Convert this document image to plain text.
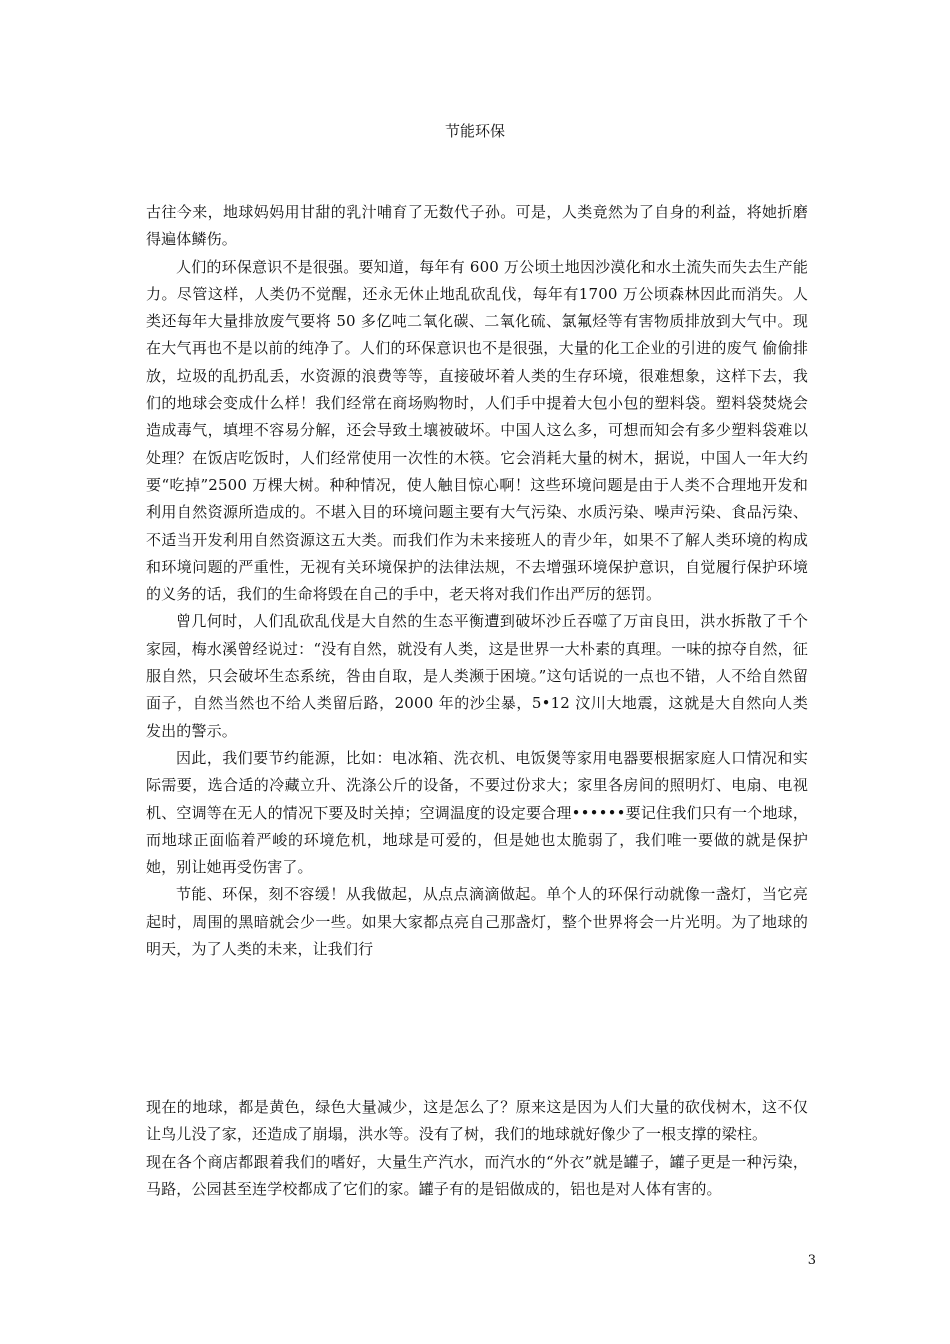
节能环保

古往今来，地球妈妈用甘甜的乳汁哺育了无数代子孙。可是，人类竟然为了自身的利益，将她折磨得遍体鳞伤。

人们的环保意识不是很强。要知道，每年有 600 万公顷土地因沙漠化和水土流失而失去生产能力。尽管这样，人类仍不觉醒，还永无休止地乱砍乱伐，每年有1700 万公顷森林因此而消失。人类还每年大量排放废气要将 50 多亿吨二氧化碳、二氧化硫、氯氟烃等有害物质排放到大气中。现在大气再也不是以前的纯净了。人们的环保意识也不是很强，大量的化工企业的引进的废气 偷偷排放，垃圾的乱扔乱丢，水资源的浪费等等，直接破坏着人类的生存环境，很难想象，这样下去，我们的地球会变成什么样！我们经常在商场购物时，人们手中提着大包小包的塑料袋。塑料袋焚烧会造成毒气，填埋不容易分解，还会导致土壤被破坏。中国人这么多，可想而知会有多少塑料袋难以处理？在饭店吃饭时，人们经常使用一次性的木筷。它会消耗大量的树木，据说，中国人一年大约要“吃掉”2500 万棵大树。种种情况，使人触目惊心啊！这些环境问题是由于人类不合理地开发和利用自然资源所造成的。不堪入目的环境问题主要有大气污染、水质污染、噪声污染、食品污染、不适当开发利用自然资源这五大类。而我们作为未来接班人的青少年，如果不了解人类环境的构成和环境问题的严重性，无视有关环境保护的法律法规，不去增强环境保护意识，自觉履行保护环境的义务的话，我们的生命将毁在自己的手中，老天将对我们作出严厉的惩罚。

曾几何时，人们乱砍乱伐是大自然的生态平衡遭到破坏沙丘吞噬了万亩良田，洪水拆散了千个家园，梅水溪曾经说过：“没有自然，就没有人类，这是世界一大朴素的真理。一味的掠夺自然，征服自然，只会破坏生态系统，咎由自取，是人类濒于困境。”这句话说的一点也不错，人不给自然留面子，自然当然也不给人类留后路，2000 年的沙尘暴，5•12 汶川大地震，这就是大自然向人类发出的警示。

因此，我们要节约能源，比如：电冰箱、洗衣机、电饭煲等家用电器要根据家庭人口情况和实际需要，选合适的冷藏立升、洗涤公斤的设备，不要过份求大；家里各房间的照明灯、电扇、电视机、空调等在无人的情况下要及时关掉；空调温度的设定要合理••••••要记住我们只有一个地球，而地球正面临着严峻的环境危机，地球是可爱的，但是她也太脆弱了，我们唯一要做的就是保护她，别让她再受伤害了。

节能、环保，刻不容缓！从我做起，从点点滴滴做起。单个人的环保行动就像一盏灯，当它亮起时，周围的黑暗就会少一些。如果大家都点亮自己那盏灯，整个世界将会一片光明。为了地球的明天，为了人类的未来，让我们行

现在的地球，都是黄色，绿色大量减少，这是怎么了？原来这是因为人们大量的砍伐树木，这不仅让鸟儿没了家，还造成了崩塌，洪水等。没有了树，我们的地球就好像少了一根支撑的梁柱。

现在各个商店都跟着我们的嗜好，大量生产汽水，而汽水的“外衣”就是罐子，罐子更是一种污染，马路，公园甚至连学校都成了它们的家。罐子有的是铝做成的，铝也是对人体有害的。

3
